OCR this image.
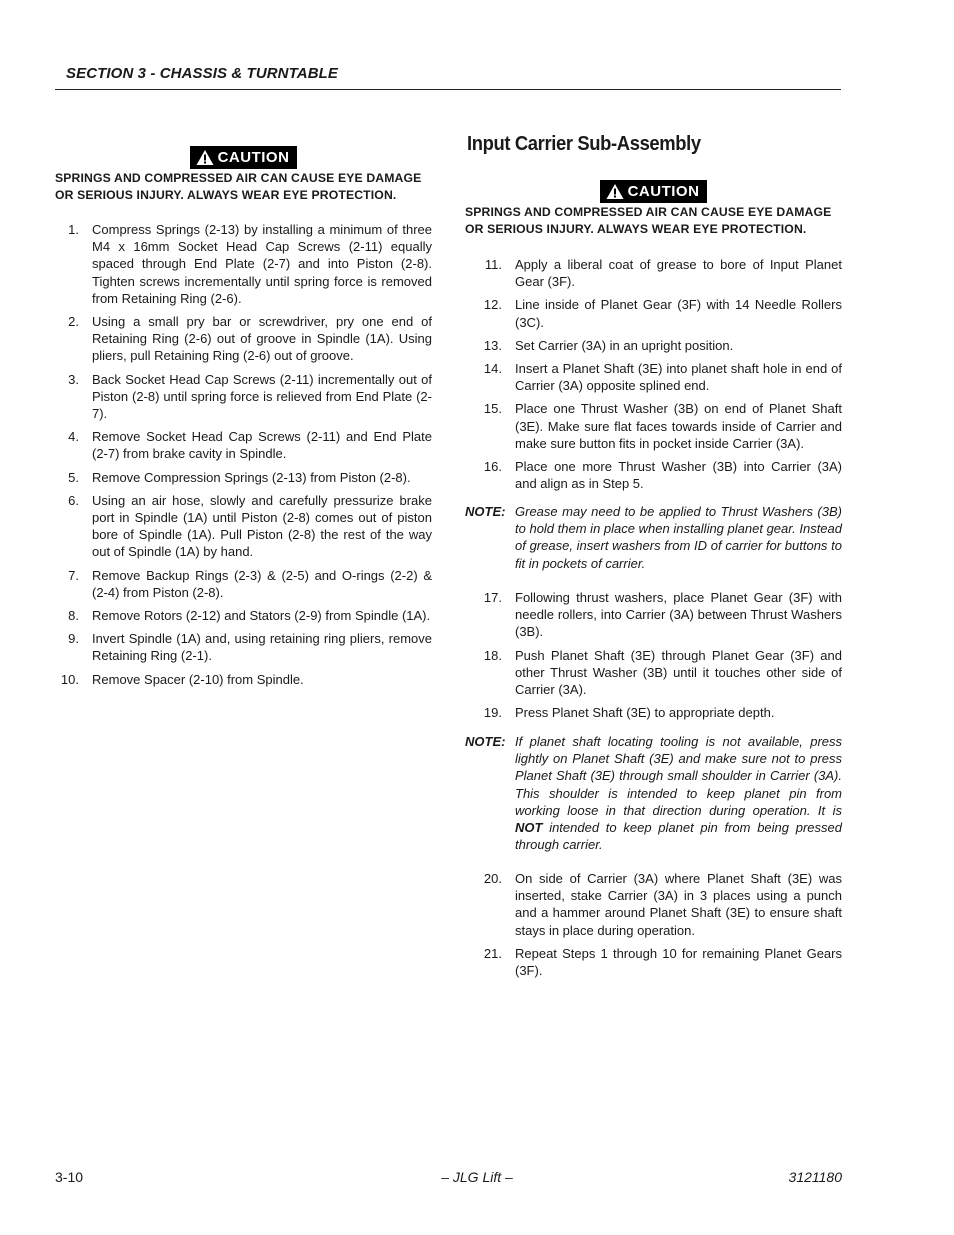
SECTION 3 - CHASSIS & TURNTABLE
CAUTION
SPRINGS AND COMPRESSED AIR CAN CAUSE EYE DAMAGE OR SERIOUS INJURY. ALWAYS WEAR EYE PROTECTION.
1.	Compress Springs (2-13) by installing a minimum of three M4 x 16mm Socket Head Cap Screws (2-11) equally spaced through End Plate (2-7) and into Piston (2-8). Tighten screws incrementally until spring force is removed from Retaining Ring (2-6).
2.	Using a small pry bar or screwdriver, pry one end of Retaining Ring (2-6) out of groove in Spindle (1A). Using pliers, pull Retaining Ring (2-6) out of groove.
3.	Back Socket Head Cap Screws (2-11) incrementally out of Piston (2-8) until spring force is relieved from End Plate (2-7).
4.	Remove Socket Head Cap Screws (2-11) and End Plate (2-7) from brake cavity in Spindle.
5.	Remove Compression Springs (2-13) from Piston (2-8).
6.	Using an air hose, slowly and carefully pressurize brake port in Spindle (1A) until Piston (2-8) comes out of piston bore of Spindle (1A). Pull Piston (2-8) the rest of the way out of Spindle (1A) by hand.
7.	Remove Backup Rings (2-3) & (2-5) and O-rings (2-2) & (2-4) from Piston (2-8).
8.	Remove Rotors (2-12) and Stators (2-9) from Spindle (1A).
9.	Invert Spindle (1A) and, using retaining ring pliers, remove Retaining Ring (2-1).
10.	Remove Spacer (2-10) from Spindle.
Input Carrier Sub-Assembly
CAUTION
SPRINGS AND COMPRESSED AIR CAN CAUSE EYE DAMAGE OR SERIOUS INJURY. ALWAYS WEAR EYE PROTECTION.
11.	Apply a liberal coat of grease to bore of Input Planet Gear (3F).
12.	Line inside of Planet Gear (3F) with 14 Needle Rollers (3C).
13.	Set Carrier (3A) in an upright position.
14.	Insert a Planet Shaft (3E) into planet shaft hole in end of Carrier (3A) opposite splined end.
15.	Place one Thrust Washer (3B) on end of Planet Shaft (3E). Make sure flat faces towards inside of Carrier and make sure button fits in pocket inside Carrier (3A).
16.	Place one more Thrust Washer (3B) into Carrier (3A) and align as in Step 5.
NOTE: Grease may need to be applied to Thrust Washers (3B) to hold them in place when installing planet gear. Instead of grease, insert washers from ID of carrier for buttons to fit in pockets of carrier.
17.	Following thrust washers, place Planet Gear (3F) with needle rollers, into Carrier (3A) between Thrust Washers (3B).
18.	Push Planet Shaft (3E) through Planet Gear (3F) and other Thrust Washer (3B) until it touches other side of Carrier (3A).
19.	Press Planet Shaft (3E) to appropriate depth.
NOTE: If planet shaft locating tooling is not available, press lightly on Planet Shaft (3E) and make sure not to press Planet Shaft (3E) through small shoulder in Carrier (3A). This shoulder is intended to keep planet pin from working loose in that direction during operation. It is NOT intended to keep planet pin from being pressed through carrier.
20.	On side of Carrier (3A) where Planet Shaft (3E) was inserted, stake Carrier (3A) in 3 places using a punch and a hammer around Planet Shaft (3E) to ensure shaft stays in place during operation.
21.	Repeat Steps 1 through 10 for remaining Planet Gears (3F).
3-10	– JLG Lift –	3121180
